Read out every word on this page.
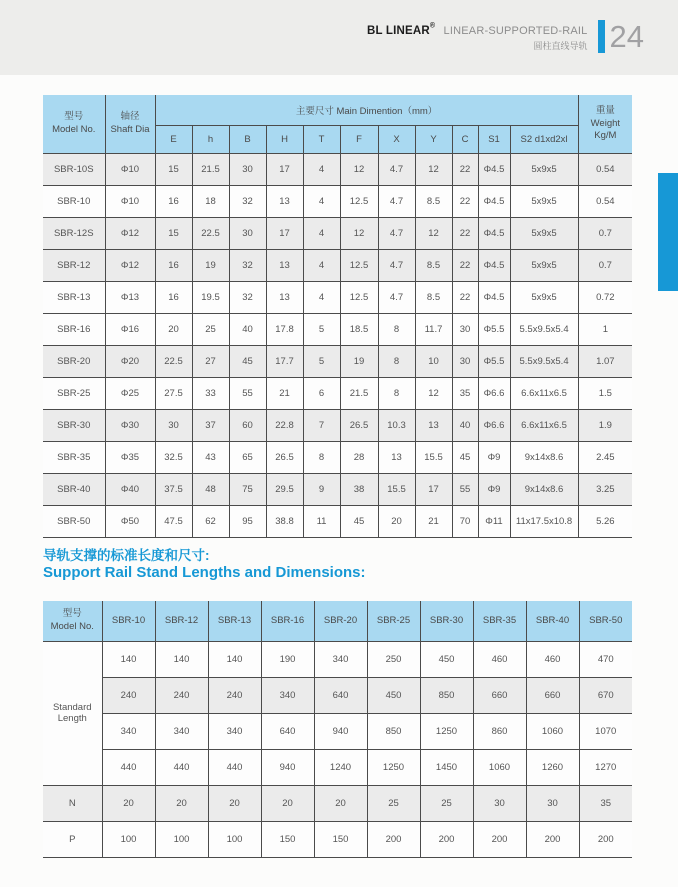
BL LINEAR® LINEAR-SUPPORTED-RAIL
圆柱直线导轨 24
型号
Model No.	轴径
Shaft Dia	主要尺寸 Main Dimention（mm）											重量
Weight
Kg/M
		E	h	B	H	T	F	X	Y	C	S1	S2 d1xd2xl	
SBR-10S	Φ10	15	21.5	30	17	4	12	4.7	12	22	Φ4.5	5x9x5	0.54
SBR-10	Φ10	16	18	32	13	4	12.5	4.7	8.5	22	Φ4.5	5x9x5	0.54
SBR-12S	Φ12	15	22.5	30	17	4	12	4.7	12	22	Φ4.5	5x9x5	0.7
SBR-12	Φ12	16	19	32	13	4	12.5	4.7	8.5	22	Φ4.5	5x9x5	0.7
SBR-13	Φ13	16	19.5	32	13	4	12.5	4.7	8.5	22	Φ4.5	5x9x5	0.72
SBR-16	Φ16	20	25	40	17.8	5	18.5	8	11.7	30	Φ5.5	5.5x9.5x5.4	1
SBR-20	Φ20	22.5	27	45	17.7	5	19	8	10	30	Φ5.5	5.5x9.5x5.4	1.07
SBR-25	Φ25	27.5	33	55	21	6	21.5	8	12	35	Φ6.6	6.6x11x6.5	1.5
SBR-30	Φ30	30	37	60	22.8	7	26.5	10.3	13	40	Φ6.6	6.6x11x6.5	1.9
SBR-35	Φ35	32.5	43	65	26.5	8	28	13	15.5	45	Φ9	9x14x8.6	2.45
SBR-40	Φ40	37.5	48	75	29.5	9	38	15.5	17	55	Φ9	9x14x8.6	3.25
SBR-50	Φ50	47.5	62	95	38.8	11	45	20	21	70	Φ11	11x17.5x10.8	5.26
导轨支撑的标准长度和尺寸:
Support Rail Stand Lengths and Dimensions:
型号
Model No.	SBR-10	SBR-12	SBR-13	SBR-16	SBR-20	SBR-25	SBR-30	SBR-35	SBR-40	SBR-50
Standard Length	140	140	140	190	340	250	450	460	460	470
	240	240	240	340	640	450	850	660	660	670
	340	340	340	640	940	850	1250	860	1060	1070
	440	440	440	940	1240	1250	1450	1060	1260	1270
N	20	20	20	20	20	25	25	30	30	35
P	100	100	100	150	150	200	200	200	200	200
